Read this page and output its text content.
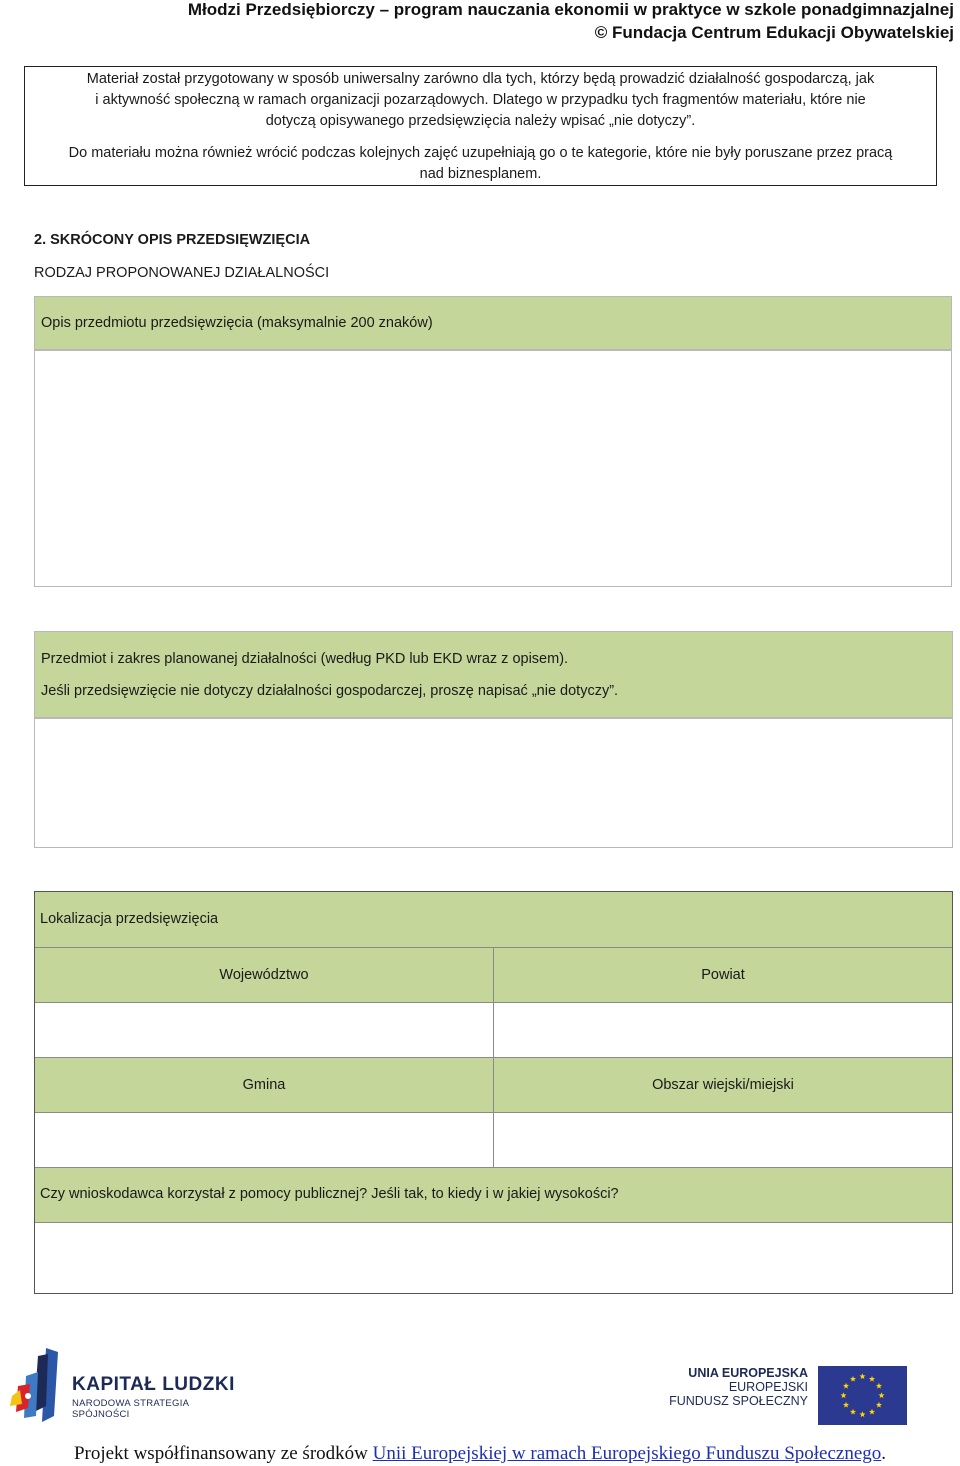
Młodzi Przedsiębiorczy – program nauczania ekonomii w praktyce w szkole ponadgimnazjalnej
© Fundacja Centrum Edukacji Obywatelskiej
Materiał został przygotowany w sposób uniwersalny zarówno dla tych, którzy będą prowadzić działalność gospodarczą, jak
i aktywność społeczną w ramach organizacji pozarządowych. Dlatego w przypadku tych fragmentów materiału, które nie
dotyczą opisywanego przedsięwzięcia należy wpisać „nie dotyczy”.
Do materiału można również wrócić podczas kolejnych zajęć uzupełniają go o te kategorie, które nie były poruszane przez pracą
nad biznesplanem.
2. SKRÓCONY OPIS PRZEDSIĘWZIĘCIA
RODZAJ PROPONOWANEJ DZIAŁALNOŚCI
Opis przedmiotu przedsięwzięcia (maksymalnie 200 znaków)
Przedmiot i zakres planowanej działalności (według PKD lub EKD wraz z opisem).
Jeśli przedsięwzięcie nie dotyczy działalności gospodarczej, proszę napisać „nie dotyczy”.
Lokalizacja przedsięwzięcia
Województwo	Powiat
Gmina	Obszar wiejski/miejski
Czy wnioskodawca korzystał z pomocy publicznej? Jeśli tak, to kiedy i w jakiej wysokości?
KAPITAŁ LUDZKI
NARODOWA STRATEGIA SPÓJNOŚCI
UNIA EUROPEJSKA
EUROPEJSKI
FUNDUSZ SPOŁECZNY
Projekt współfinansowany ze środków Unii Europejskiej w ramach Europejskiego Funduszu Społecznego.
